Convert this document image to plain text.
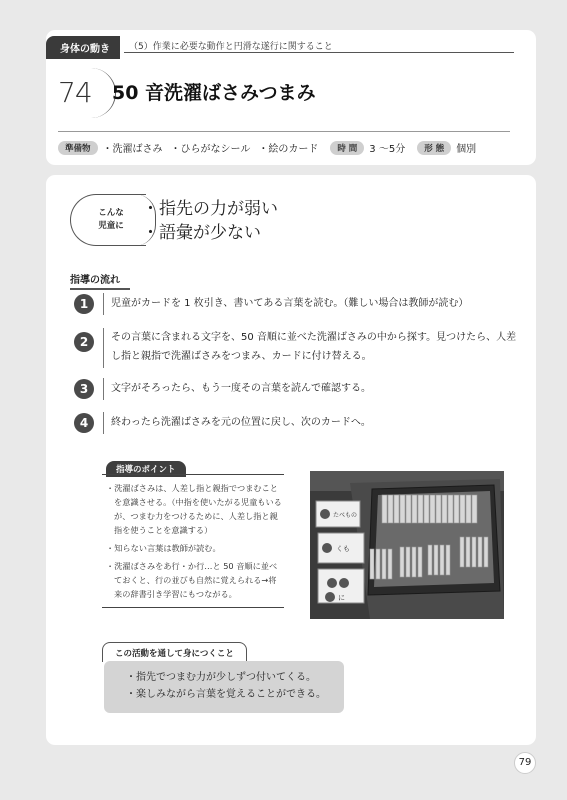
身体の動き	（5）作業に必要な動作と円滑な遂行に関すること
74 50 音洗濯ばさみつまみ
準備物	・洗濯ばさみ ・ひらがなシール ・絵のカード	時 間	3 ～5分	形 態	個別
こんな
児童に
・指先の力が弱い
・語彙が少ない
指導の流れ
1	児童がカードを 1 枚引き、書いてある言葉を読む。（難しい場合は教師が読む）
2	その言葉に含まれる文字を、50 音順に並べた洗濯ばさみの中から探す。見つけたら、人差し指と親指で洗濯ばさみをつまみ、カードに付け替える。
3	文字がそろったら、もう一度その言葉を読んで確認する。
4	終わったら洗濯ばさみを元の位置に戻し、次のカードへ。
指導のポイント
・洗濯ばさみは、人差し指と親指でつまむことを意識させる。（中指を使いたがる児童もいるが、つまむ力をつけるために、人差し指と親指を使うことを意識する）
・知らない言葉は教師が読む。
・洗濯ばさみをあ行・か行…と 50 音順に並べておくと、行の並びも自然に覚えられる→将来の辞書引き学習にもつながる。
たべもの
くも
に
この活動を通して身につくこと
・指先でつまむ力が少しずつ付いてくる。
・楽しみながら言葉を覚えることができる。
79
